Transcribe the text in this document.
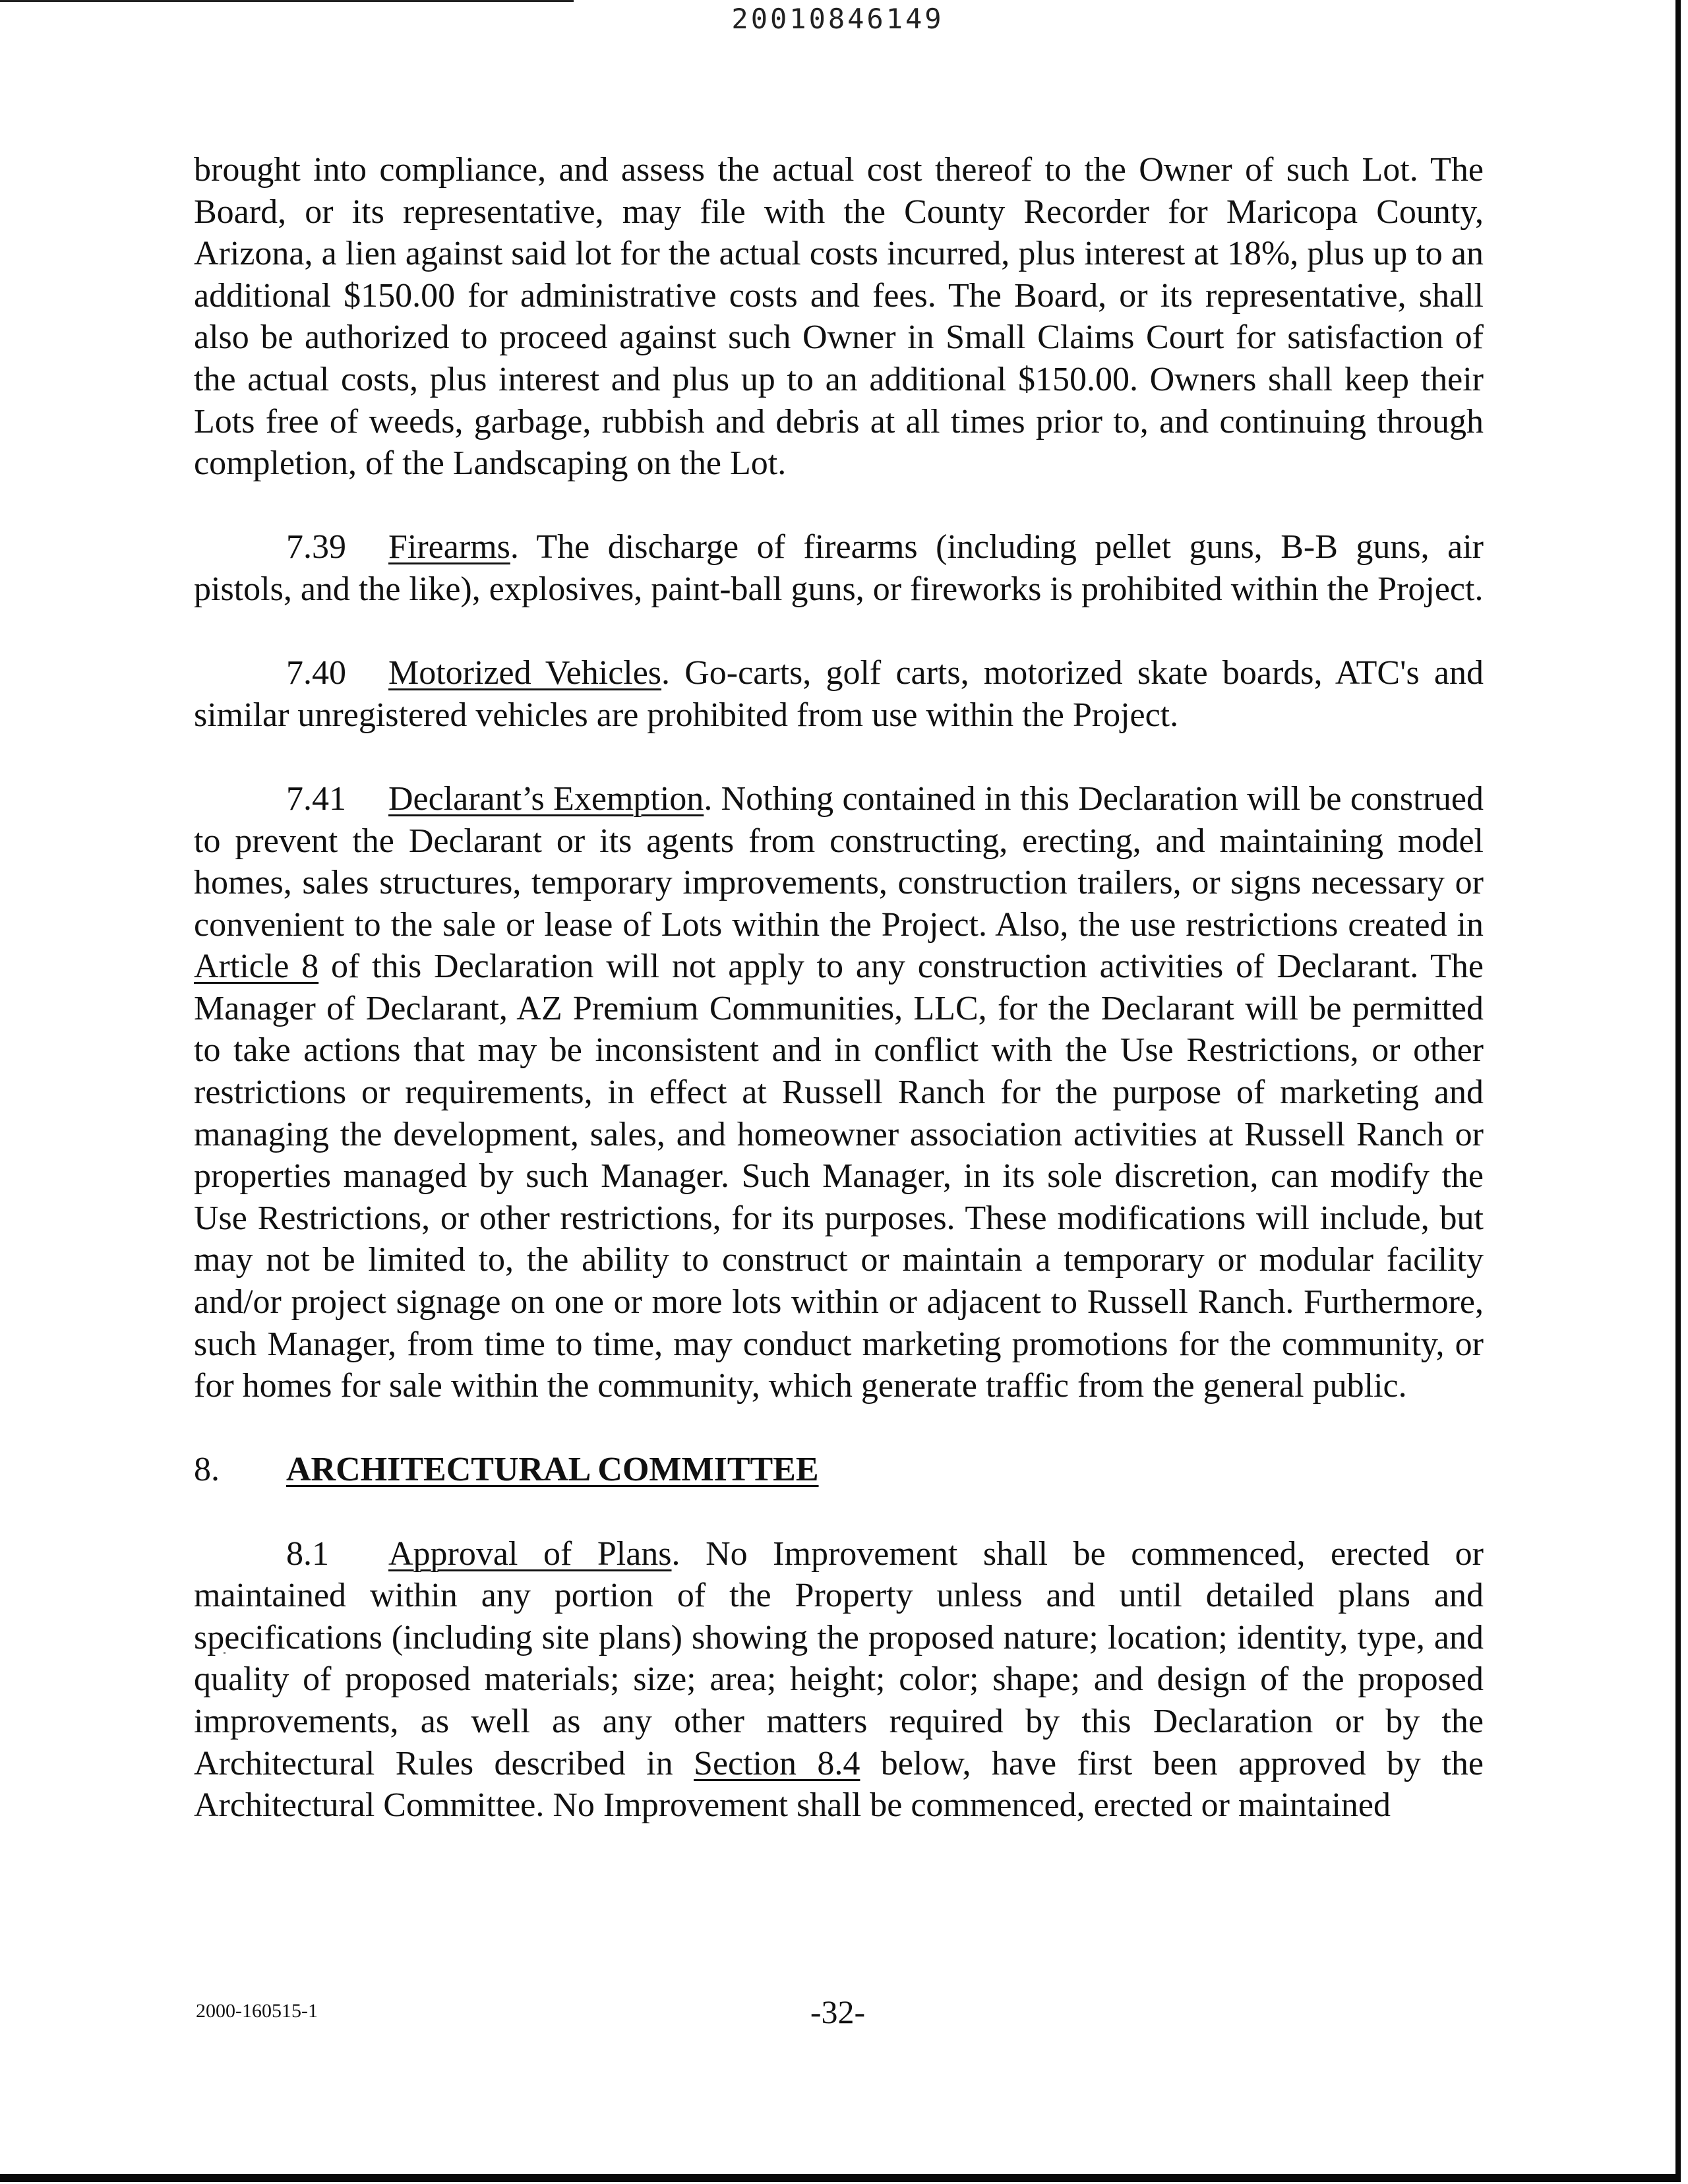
20010846149

brought into compliance, and assess the actual cost thereof to the Owner of such Lot. The Board, or its representative, may file with the County Recorder for Maricopa County, Arizona, a lien against said lot for the actual costs incurred, plus interest at 18%, plus up to an additional $150.00 for administrative costs and fees. The Board, or its representative, shall also be authorized to proceed against such Owner in Small Claims Court for satisfaction of the actual costs, plus interest and plus up to an additional $150.00. Owners shall keep their Lots free of weeds, garbage, rubbish and debris at all times prior to, and continuing through completion, of the Landscaping on the Lot.

7.39 Firearms. The discharge of firearms (including pellet guns, B-B guns, air pistols, and the like), explosives, paint-ball guns, or fireworks is prohibited within the Project.

7.40 Motorized Vehicles. Go-carts, golf carts, motorized skate boards, ATC's and similar unregistered vehicles are prohibited from use within the Project.

7.41 Declarant’s Exemption. Nothing contained in this Declaration will be construed to prevent the Declarant or its agents from constructing, erecting, and maintaining model homes, sales structures, temporary improvements, construction trailers, or signs necessary or convenient to the sale or lease of Lots within the Project. Also, the use restrictions created in Article 8 of this Declaration will not apply to any construction activities of Declarant. The Manager of Declarant, AZ Premium Communities, LLC, for the Declarant will be permitted to take actions that may be inconsistent and in conflict with the Use Restrictions, or other restrictions or requirements, in effect at Russell Ranch for the purpose of marketing and managing the development, sales, and homeowner association activities at Russell Ranch or properties managed by such Manager. Such Manager, in its sole discretion, can modify the Use Restrictions, or other restrictions, for its purposes. These modifications will include, but may not be limited to, the ability to construct or maintain a temporary or modular facility and/or project signage on one or more lots within or adjacent to Russell Ranch. Furthermore, such Manager, from time to time, may conduct marketing promotions for the community, or for homes for sale within the community, which generate traffic from the general public.

8. ARCHITECTURAL COMMITTEE

8.1 Approval of Plans. No Improvement shall be commenced, erected or maintained within any portion of the Property unless and until detailed plans and specifications (including site plans) showing the proposed nature; location; identity, type, and quality of proposed materials; size; area; height; color; shape; and design of the proposed improvements, as well as any other matters required by this Declaration or by the Architectural Rules described in Section 8.4 below, have first been approved by the Architectural Committee. No Improvement shall be commenced, erected or maintained

2000-160515-1	-32-
